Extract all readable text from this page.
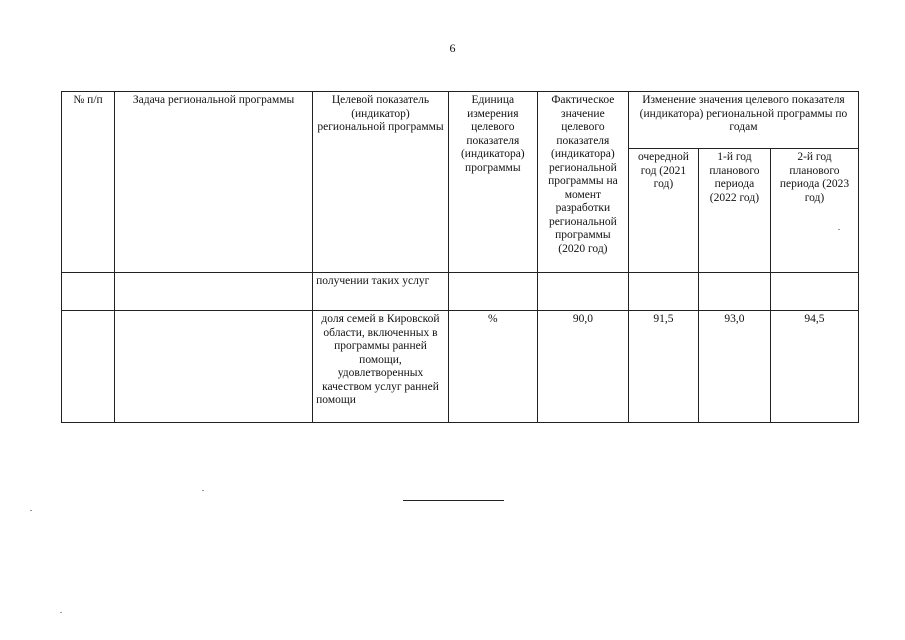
6
№ п/п	Задача региональной программы	Целевой показатель (индикатор) региональной программы	Единица измерения целевого показателя (индикатора) программы	Фактическое значение целевого показателя (индикатора) региональной программы на момент разработки региональной программы (2020 год)	Изменение значения целевого показателя (индикатора) региональной программы по годам		
					очередной год (2021 год)	1-й год планового периода (2022 год)	2-й год планового периода (2023 год)
		получении таких услуг					
		доля семей в Кировской области, включенных в программы ранней помощи, удовлетворенных качеством услуг ранней помощи	%	90,0	91,5	93,0	94,5
